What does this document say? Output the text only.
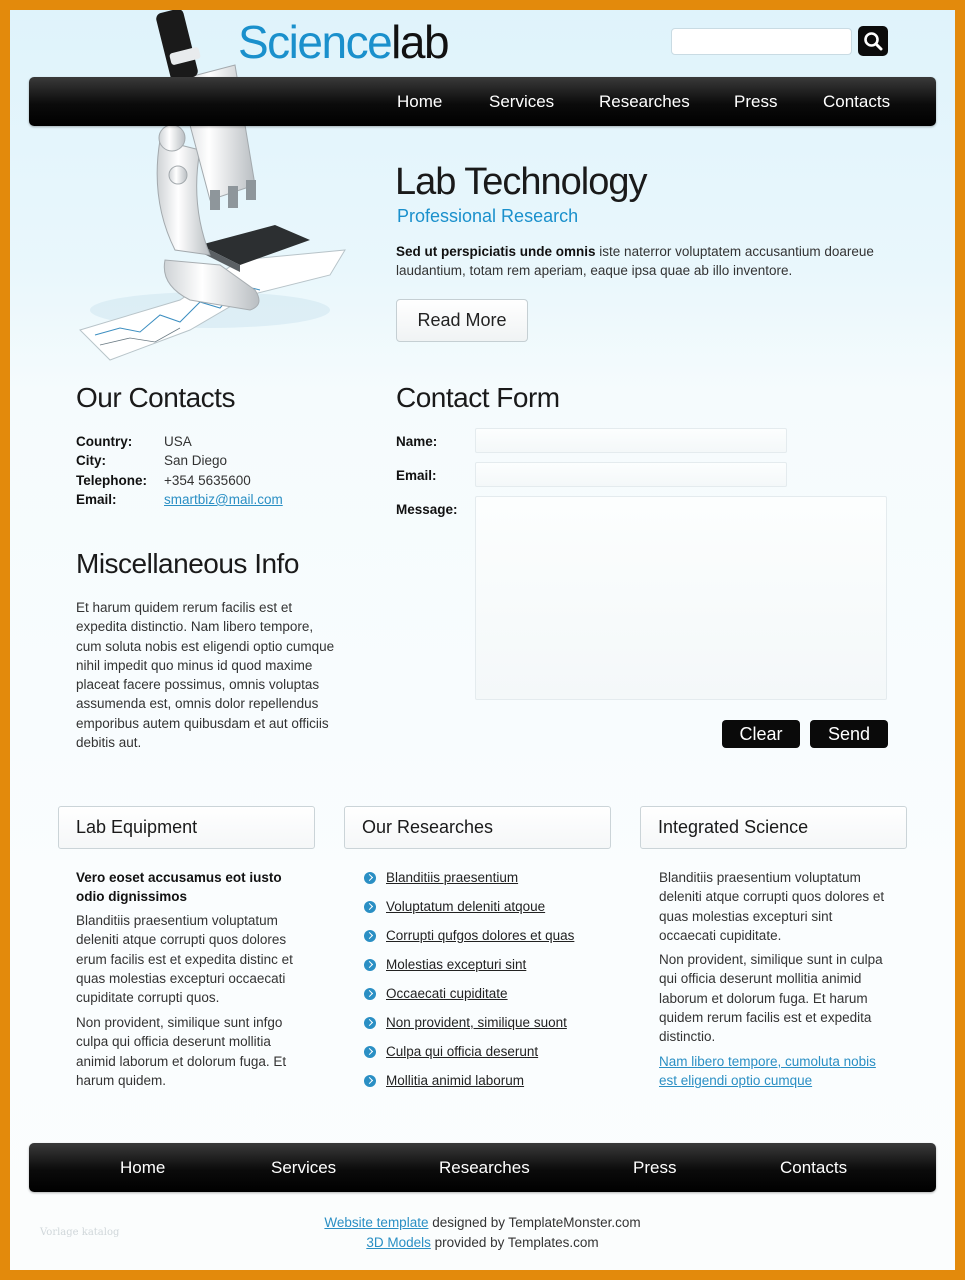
Sciencelab
Home	Services	Researches	Press	Contacts
Lab Technology
Professional Research
Sed ut perspiciatis unde omnis iste naterror voluptatem accusantium doareue laudantium, totam rem aperiam, eaque ipsa quae ab illo inventore.
Read More
Our Contacts
Country: USA
City:	San Diego
Telephone: +354 5635600
Email:	smartbiz@mail.com
Miscellaneous Info
Et harum quidem rerum facilis est et expedita distinctio. Nam libero tempore, cum soluta nobis est eligendi optio cumque nihil impedit quo minus id quod maxime placeat facere possimus, omnis voluptas assumenda est, omnis dolor repellendus emporibus autem quibusdam et aut officiis debitis aut.
Contact Form
Name:
Email:
Message:
Clear	Send
Lab Equipment
Vero eoset accusamus eot iusto odio dignissimos
Blanditiis praesentium voluptatum deleniti atque corrupti quos dolores erum facilis est et expedita distinc et quas molestias excepturi occaecati cupiditate corrupti quos.
Non provident, similique sunt infgo culpa qui officia deserunt mollitia animid laborum et dolorum fuga. Et harum quidem.
Our Researches
Blanditiis praesentium
Voluptatum deleniti atqoue
Corrupti qufgos dolores et quas
Molestias excepturi sint
Occaecati cupiditate
Non provident, similique suont
Culpa qui officia deserunt
Mollitia animid laborum
Integrated Science
Blanditiis praesentium voluptatum deleniti atque corrupti quos dolores et quas molestias excepturi sint occaecati cupiditate.
Non provident, similique sunt in culpa qui officia deserunt mollitia animid laborum et dolorum fuga. Et harum quidem rerum facilis est et expedita distinctio.
Nam libero tempore, cumoluta nobis est eligendi optio cumque
Home	Services	Researches	Press	Contacts
Vorlage katalog
Website template designed by TemplateMonster.com
3D Models provided by Templates.com
